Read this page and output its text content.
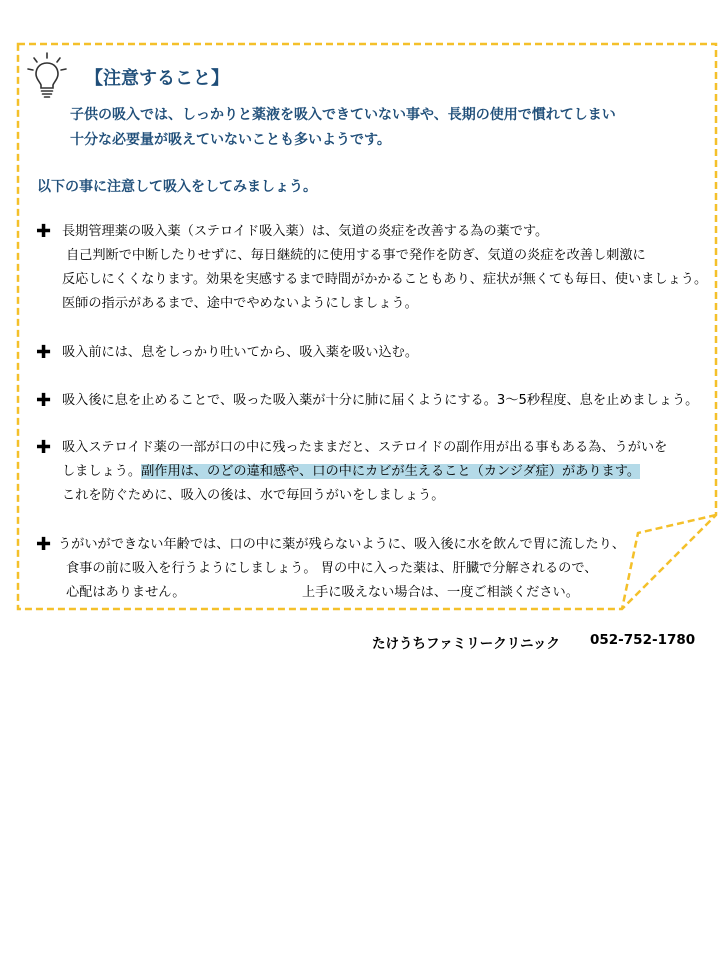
【注意すること】
子供の吸入では、しっかりと薬液を吸入できていない事や、長期の使用で慣れてしまい
十分な必要量が吸えていないことも多いようです。
以下の事に注意して吸入をしてみましょう。
✚ 長期管理薬の吸入薬（ステロイド吸入薬）は、気道の炎症を改善する為の薬です。
自己判断で中断したりせずに、毎日継続的に使用する事で発作を防ぎ、気道の炎症を改善し刺激に
反応しにくくなります。効果を実感するまで時間がかかることもあり、症状が無くても毎日、使いましょう。
医師の指示があるまで、途中でやめないようにしましょう。
✚ 吸入前には、息をしっかり吐いてから、吸入薬を吸い込む。
✚ 吸入後に息を止めることで、吸った吸入薬が十分に肺に届くようにする。3～5秒程度、息を止めましょう。
✚ 吸入ステロイド薬の一部が口の中に残ったままだと、ステロイドの副作用が出る事もある為、うがいを
しましょう。副作用は、のどの違和感や、口の中にカビが生えること（カンジダ症）があります。
これを防ぐために、吸入の後は、水で毎回うがいをしましょう。
✚ うがいができない年齢では、口の中に薬が残らないように、吸入後に水を飲んで胃に流したり、
食事の前に吸入を行うようにしましょう。 胃の中に入った薬は、肝臓で分解されるので、
心配はありません。	上手に吸えない場合は、一度ご相談ください。
たけうちファミリークリニック 052-752-1780
